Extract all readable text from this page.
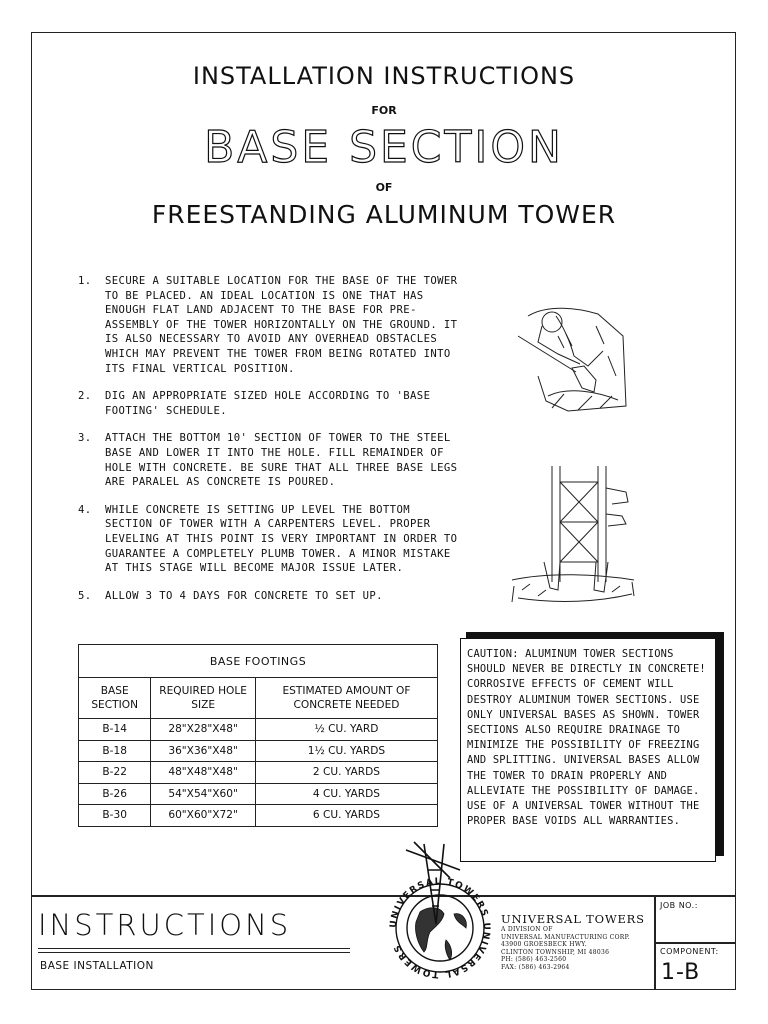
INSTALLATION INSTRUCTIONS
FOR
BASE SECTION
OF
FREESTANDING ALUMINUM TOWER
1. SECURE A SUITABLE LOCATION FOR THE BASE OF THE TOWER TO BE PLACED. AN IDEAL LOCATION IS ONE THAT HAS ENOUGH FLAT LAND ADJACENT TO THE BASE FOR PRE-ASSEMBLY OF THE TOWER HORIZONTALLY ON THE GROUND. IT IS ALSO NECESSARY TO AVOID ANY OVERHEAD OBSTACLES WHICH MAY PREVENT THE TOWER FROM BEING ROTATED INTO ITS FINAL VERTICAL POSITION.
2. DIG AN APPROPRIATE SIZED HOLE ACCORDING TO 'BASE FOOTING' SCHEDULE.
3. ATTACH THE BOTTOM 10' SECTION OF TOWER TO THE STEEL BASE AND LOWER IT INTO THE HOLE. FILL REMAINDER OF HOLE WITH CONCRETE. BE SURE THAT ALL THREE BASE LEGS ARE PARALEL AS CONCRETE IS POURED.
4. WHILE CONCRETE IS SETTING UP LEVEL THE BOTTOM SECTION OF TOWER WITH A CARPENTERS LEVEL. PROPER LEVELING AT THIS POINT IS VERY IMPORTANT IN ORDER TO GUARANTEE A COMPLETELY PLUMB TOWER. A MINOR MISTAKE AT THIS STAGE WILL BECOME MAJOR ISSUE LATER.
5. ALLOW 3 TO 4 DAYS FOR CONCRETE TO SET UP.
BASE FOOTINGS		
BASE SECTION	REQUIRED HOLE SIZE	ESTIMATED AMOUNT OF CONCRETE NEEDED
B-14	28"X28"X48"	½ CU. YARD
B-18	36"X36"X48"	1½ CU. YARDS
B-22	48"X48"X48"	2 CU. YARDS
B-26	54"X54"X60"	4 CU. YARDS
B-30	60"X60"X72"	6 CU. YARDS
CAUTION: ALUMINUM TOWER SECTIONS SHOULD NEVER BE DIRECTLY IN CONCRETE! CORROSIVE EFFECTS OF CEMENT WILL DESTROY ALUMINUM TOWER SECTIONS. USE ONLY UNIVERSAL BASES AS SHOWN. TOWER SECTIONS ALSO REQUIRE DRAINAGE TO MINIMIZE THE POSSIBILITY OF FREEZING AND SPLITTING. UNIVERSAL BASES ALLOW THE TOWER TO DRAIN PROPERLY AND ALLEVIATE THE POSSIBILITY OF DAMAGE. USE OF A UNIVERSAL TOWER WITHOUT THE PROPER BASE VOIDS ALL WARRANTIES.
INSTRUCTIONS
BASE INSTALLATION
UNIVERSAL TOWERS UNIVERSAL TOWERS
UNIVERSAL TOWERS
A DIVISION OF
UNIVERSAL MANUFACTURING CORP.
43900 GROESBECK HWY.
CLINTON TOWNSHIP, MI 48036
PH: (586) 463-2560
FAX: (586) 463-2964
JOB NO.:
COMPONENT:
1-B
